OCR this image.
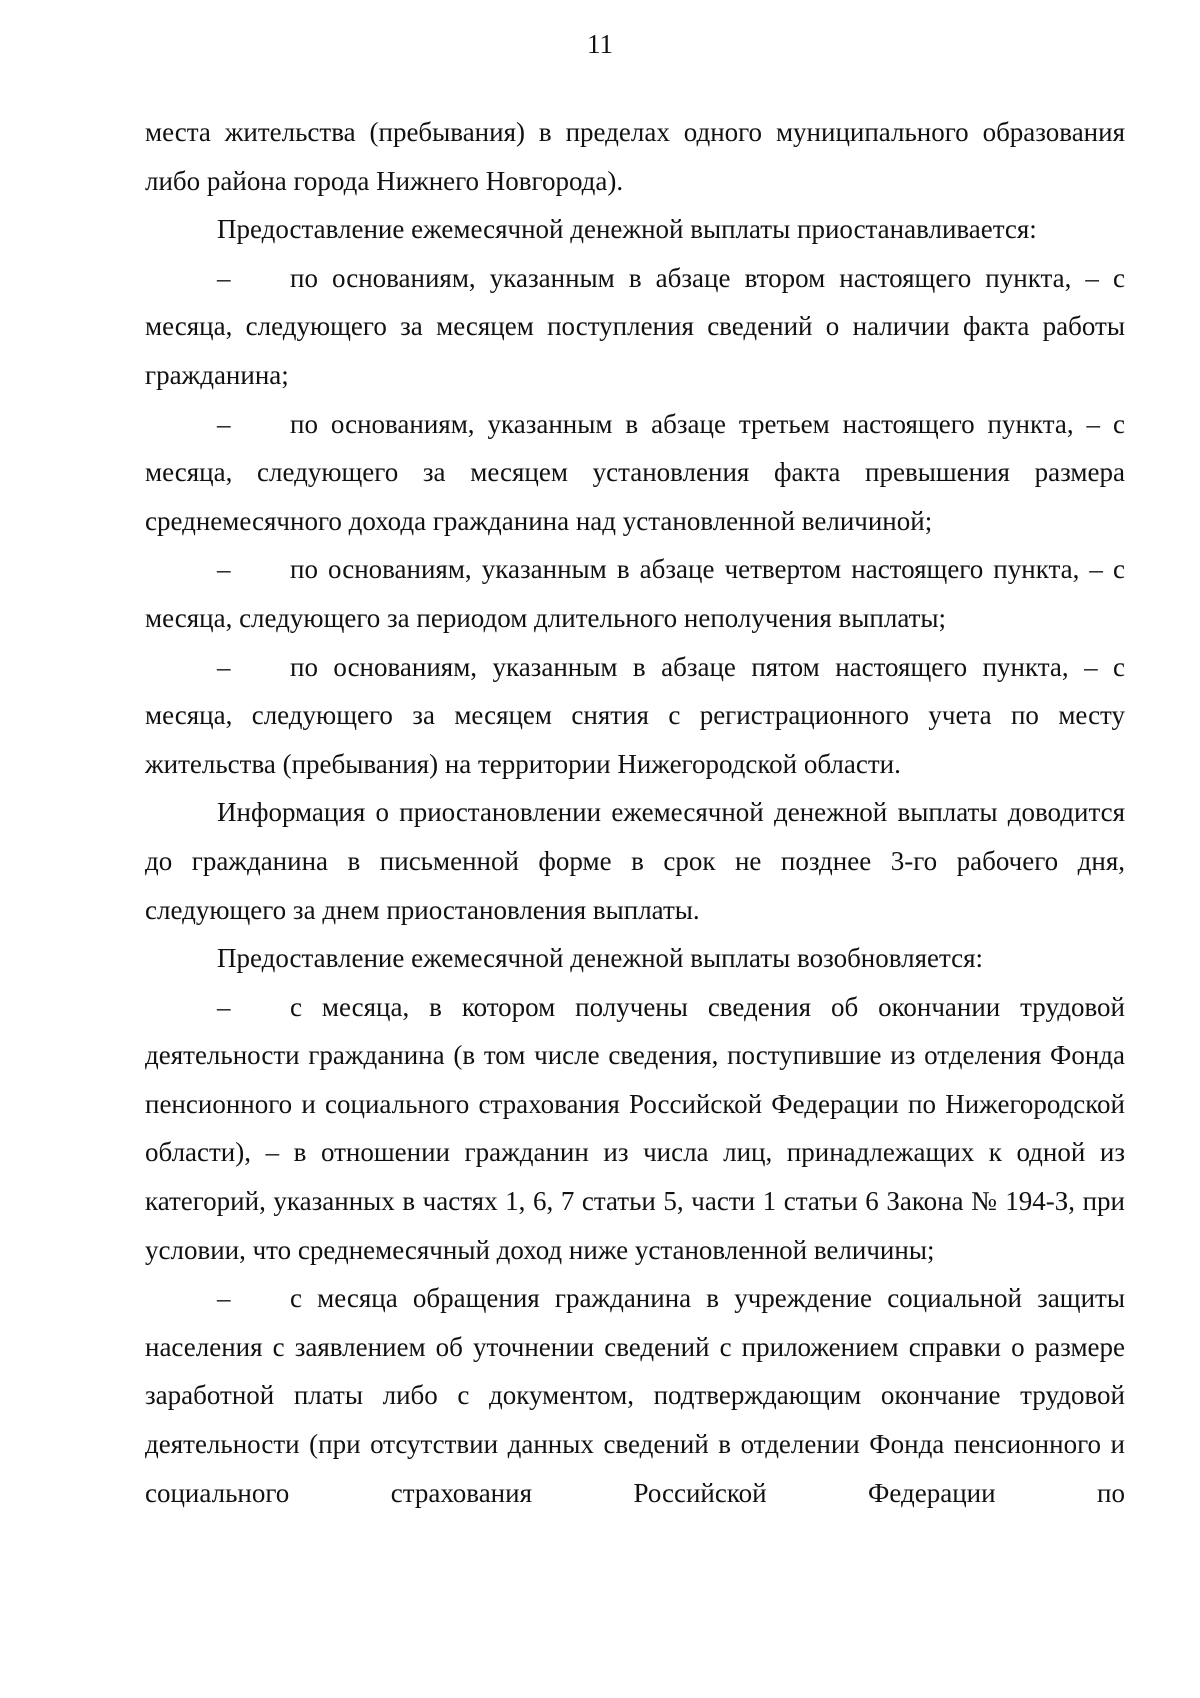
11

места жительства (пребывания) в пределах одного муниципального образования либо района города Нижнего Новгорода).

Предоставление ежемесячной денежной выплаты приостанавливается:

– по основаниям, указанным в абзаце втором настоящего пункта, – с месяца, следующего за месяцем поступления сведений о наличии факта работы гражданина;

– по основаниям, указанным в абзаце третьем настоящего пункта, – с месяца, следующего за месяцем установления факта превышения размера среднемесячного дохода гражданина над установленной величиной;

– по основаниям, указанным в абзаце четвертом настоящего пункта, – с месяца, следующего за периодом длительного неполучения выплаты;

– по основаниям, указанным в абзаце пятом настоящего пункта, – с месяца, следующего за месяцем снятия с регистрационного учета по месту жительства (пребывания) на территории Нижегородской области.

Информация о приостановлении ежемесячной денежной выплаты доводится до гражданина в письменной форме в срок не позднее 3-го рабочего дня, следующего за днем приостановления выплаты.

Предоставление ежемесячной денежной выплаты возобновляется:

– с месяца, в котором получены сведения об окончании трудовой деятельности гражданина (в том числе сведения, поступившие из отделения Фонда пенсионного и социального страхования Российской Федерации по Нижегородской области), – в отношении гражданин из числа лиц, принадлежащих к одной из категорий, указанных в частях 1, 6, 7 статьи 5, части 1 статьи 6 Закона № 194-З, при условии, что среднемесячный доход ниже установленной величины;

– с месяца обращения гражданина в учреждение социальной защиты населения с заявлением об уточнении сведений с приложением справки о размере заработной платы либо с документом, подтверждающим окончание трудовой деятельности (при отсутствии данных сведений в отделении Фонда пенсионного и социального страхования Российской Федерации по
